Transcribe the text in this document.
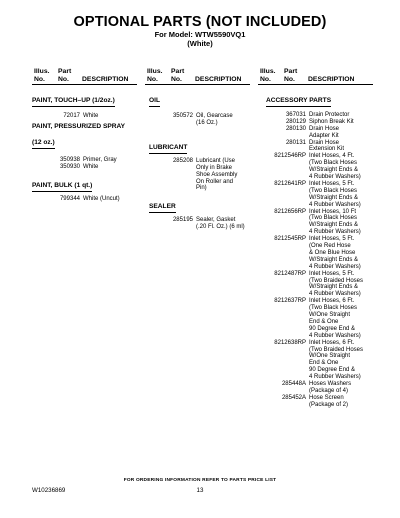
OPTIONAL PARTS (NOT INCLUDED)
For Model: WTW5590VQ1
(White)
Illus.
No.
Part
No.	DESCRIPTION
PAINT, TOUCH–UP (1/2oz.)
72017 White
PAINT, PRESSURIZED SPRAY
(12 oz.)
350938 Primer, Gray
350930 White
PAINT, BULK (1 qt.)
799344 White (Uncut)
Illus.
No.
Part
No.	DESCRIPTION
OIL
350572 Oil, Gearcase
(16 Oz.)
LUBRICANT
285208 Lubricant (Use
Only in Brake
Shoe Assembly
On Roller and
Pin)
SEALER
285195 Sealer, Gasket
(.20 Fl. Oz.) (6 ml)
Illus.
No.
Part
No.	DESCRIPTION
ACCESSORY PARTS
367031 Drain Protector
280129 Siphon Break Kit
280130 Drain Hose
Adapter Kit
280131 Drain Hose
Extension Kit
8212546RP Inlet Hoses, 4 Ft.
(Two Black Hoses
W/Straight Ends &
4 Rubber Washers)
8212641RP Inlet Hoses, 5 Ft.
(Two Black Hoses
W/Straight Ends &
4 Rubber Washers)
8212656RP Inlet Hoses, 10 Ft
(Two Black Hoses
W/Straight Ends &
4 Rubber Washers)
8212545RP Inlet Hoses, 5 Ft.
(One Red Hose
& One Blue Hose
W/Straight Ends &
4 Rubber Washers)
8212487RP Inlet Hoses, 5 Ft.
(Two Braided Hoses
W/Straight Ends &
4 Rubber Washers)
8212637RP Inlet Hoses, 6 Ft.
(Two Black Hoses
W/One Straight
End & One
90 Degree End &
4 Rubber Washers)
8212638RP Inlet Hoses, 6 Ft.
(Two Braided Hoses
W/One Straight
End & One
90 Degree End &
4 Rubber Washers)
285448A Hoses Washers
(Package of 4)
285452A Hose Screen
(Package of 2)
FOR ORDERING INFORMATION REFER TO PARTS PRICE LIST
W10236869	13
